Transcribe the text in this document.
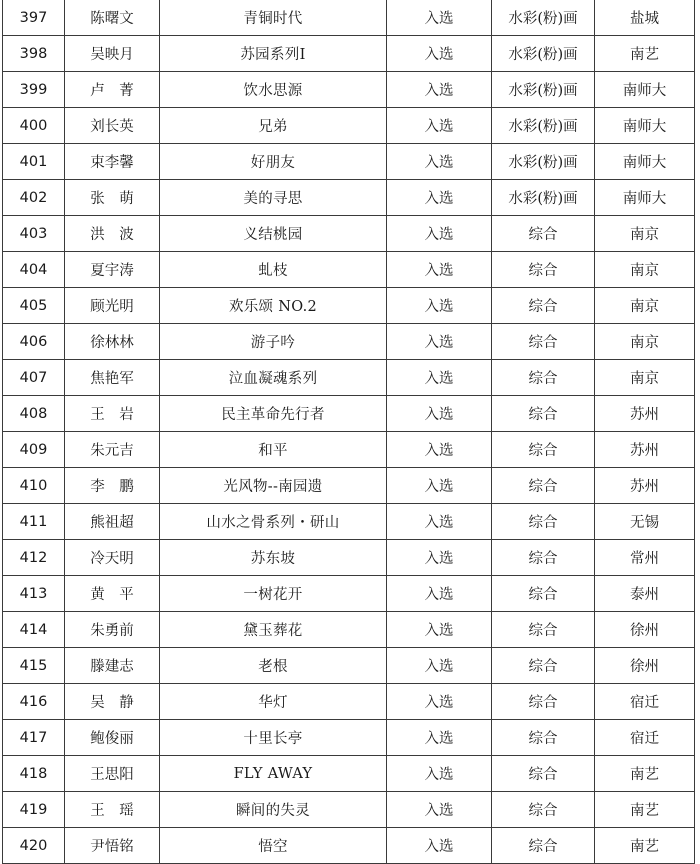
397	陈曙文	青铜时代	入选	水彩(粉)画	盐城
398	吴映月	苏园系列Ⅰ	入选	水彩(粉)画	南艺
399	卢　菁	饮水思源	入选	水彩(粉)画	南师大
400	刘长英	兄弟	入选	水彩(粉)画	南师大
401	束李馨	好朋友	入选	水彩(粉)画	南师大
402	张　萌	美的寻思	入选	水彩(粉)画	南师大
403	洪　波	义结桃园	入选	综合	南京
404	夏宇涛	虬枝	入选	综合	南京
405	顾光明	欢乐颂 NO.2	入选	综合	南京
406	徐林林	游子吟	入选	综合	南京
407	焦艳军	泣血凝魂系列	入选	综合	南京
408	王　岩	民主革命先行者	入选	综合	苏州
409	朱元吉	和平	入选	综合	苏州
410	李　鹏	光风物--南园遗	入选	综合	苏州
411	熊祖超	山水之骨系列・研山	入选	综合	无锡
412	冷天明	苏东坡	入选	综合	常州
413	黄　平	一树花开	入选	综合	泰州
414	朱勇前	黛玉葬花	入选	综合	徐州
415	滕建志	老根	入选	综合	徐州
416	吴　静	华灯	入选	综合	宿迁
417	鲍俊丽	十里长亭	入选	综合	宿迁
418	王思阳	FLY AWAY	入选	综合	南艺
419	王　瑶	瞬间的失灵	入选	综合	南艺
420	尹悟铭	悟空	入选	综合	南艺
